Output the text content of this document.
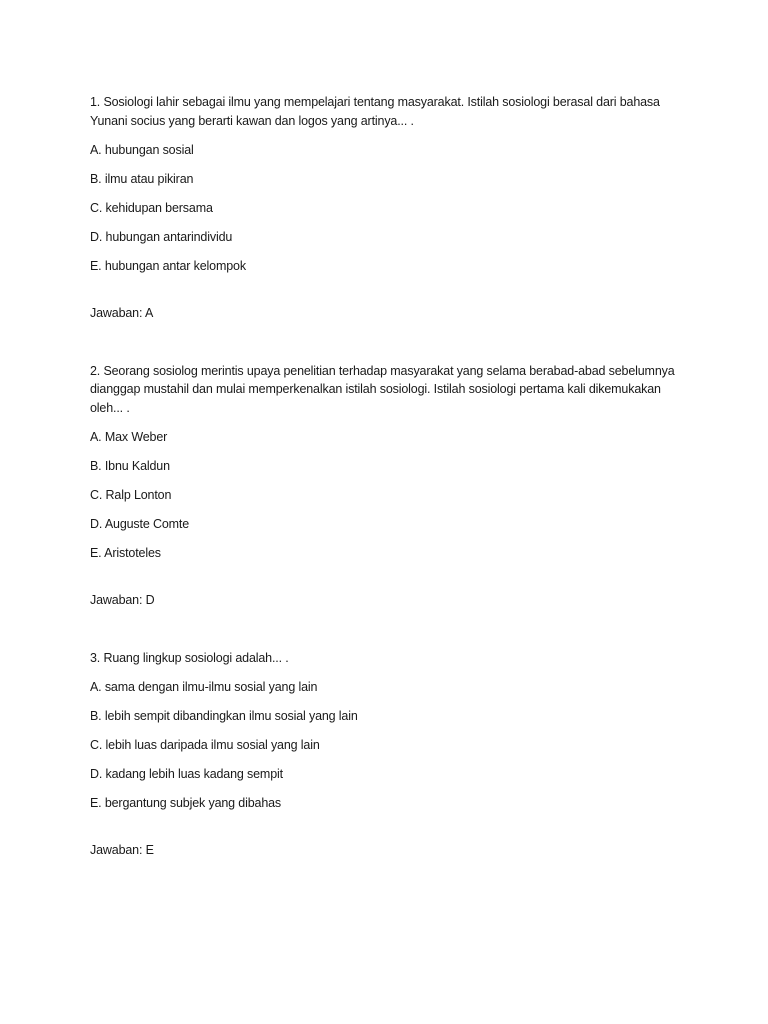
1. Sosiologi lahir sebagai ilmu yang mempelajari tentang masyarakat. Istilah sosiologi berasal dari bahasa Yunani socius yang berarti kawan dan logos yang artinya... .

A. hubungan sosial
B. ilmu atau pikiran
C. kehidupan bersama
D. hubungan antarindividu
E. hubungan antar kelompok

Jawaban: A

2. Seorang sosiolog merintis upaya penelitian terhadap masyarakat yang selama berabad-abad sebelumnya dianggap mustahil dan mulai memperkenalkan istilah sosiologi. Istilah sosiologi pertama kali dikemukakan oleh... .

A. Max Weber
B. Ibnu Kaldun
C. Ralp Lonton
D. Auguste Comte
E. Aristoteles

Jawaban: D

3. Ruang lingkup sosiologi adalah... .

A. sama dengan ilmu-ilmu sosial yang lain
B. lebih sempit dibandingkan ilmu sosial yang lain
C. lebih luas daripada ilmu sosial yang lain
D. kadang lebih luas kadang sempit
E. bergantung subjek yang dibahas

Jawaban: E
